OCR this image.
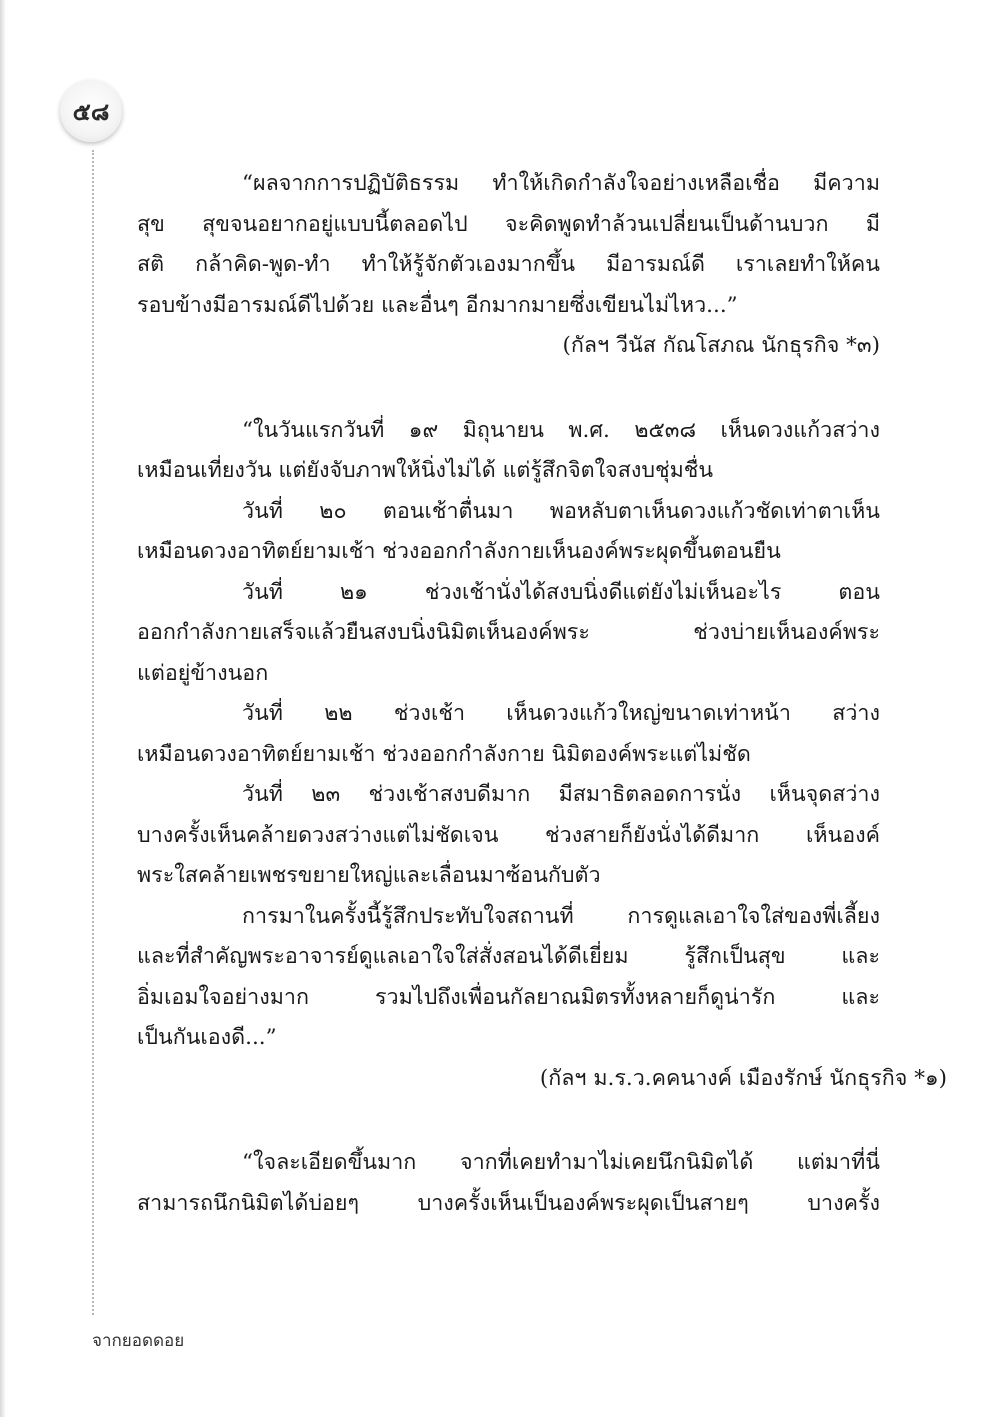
๕๘

“ผลจากการปฏิบัติธรรม ทำให้เกิดกำลังใจอย่างเหลือเชื่อ มีความ
สุข สุขจนอยากอยู่แบบนี้ตลอดไป จะคิดพูดทำล้วนเปลี่ยนเป็นด้านบวก มี
สติ กล้าคิด-พูด-ทำ ทำให้รู้จักตัวเองมากขึ้น มีอารมณ์ดี เราเลยทำให้คน
รอบข้างมีอารมณ์ดีไปด้วย และอื่นๆ อีกมากมายซึ่งเขียนไม่ไหว...”

(กัลฯ วีนัส กัณโสภณ นักธุรกิจ *๓)

“ในวันแรกวันที่ ๑๙ มิถุนายน พ.ศ. ๒๕๓๘ เห็นดวงแก้วสว่าง
เหมือนเที่ยงวัน แต่ยังจับภาพให้นิ่งไม่ได้ แต่รู้สึกจิตใจสงบชุ่มชื่น

วันที่ ๒๐ ตอนเช้าตื่นมา พอหลับตาเห็นดวงแก้วชัดเท่าตาเห็น
เหมือนดวงอาทิตย์ยามเช้า ช่วงออกกำลังกายเห็นองค์พระผุดขึ้นตอนยืน

วันที่ ๒๑ ช่วงเช้านั่งได้สงบนิ่งดีแต่ยังไม่เห็นอะไร ตอน
ออกกำลังกายเสร็จแล้วยืนสงบนิ่งนิมิตเห็นองค์พระ ช่วงบ่ายเห็นองค์พระ
แต่อยู่ข้างนอก

วันที่ ๒๒ ช่วงเช้า เห็นดวงแก้วใหญ่ขนาดเท่าหน้า สว่าง
เหมือนดวงอาทิตย์ยามเช้า ช่วงออกกำลังกาย นิมิตองค์พระแต่ไม่ชัด

วันที่ ๒๓ ช่วงเช้าสงบดีมาก มีสมาธิตลอดการนั่ง เห็นจุดสว่าง
บางครั้งเห็นคล้ายดวงสว่างแต่ไม่ชัดเจน ช่วงสายก็ยังนั่งได้ดีมาก เห็นองค์
พระใสคล้ายเพชรขยายใหญ่และเลื่อนมาซ้อนกับตัว

การมาในครั้งนี้รู้สึกประทับใจสถานที่ การดูแลเอาใจใส่ของพี่เลี้ยง
และที่สำคัญพระอาจารย์ดูแลเอาใจใส่สั่งสอนได้ดีเยี่ยม รู้สึกเป็นสุข และ
อิ่มเอมใจอย่างมาก รวมไปถึงเพื่อนกัลยาณมิตรทั้งหลายก็ดูน่ารัก และ
เป็นกันเองดี...”

(กัลฯ ม.ร.ว.คคนางค์ เมืองรักษ์ นักธุรกิจ *๑)

“ใจละเอียดขึ้นมาก จากที่เคยทำมาไม่เคยนึกนิมิตได้ แต่มาที่นี่
สามารถนึกนิมิตได้บ่อยๆ บางครั้งเห็นเป็นองค์พระผุดเป็นสายๆ บางครั้ง

จากยอดดอย
